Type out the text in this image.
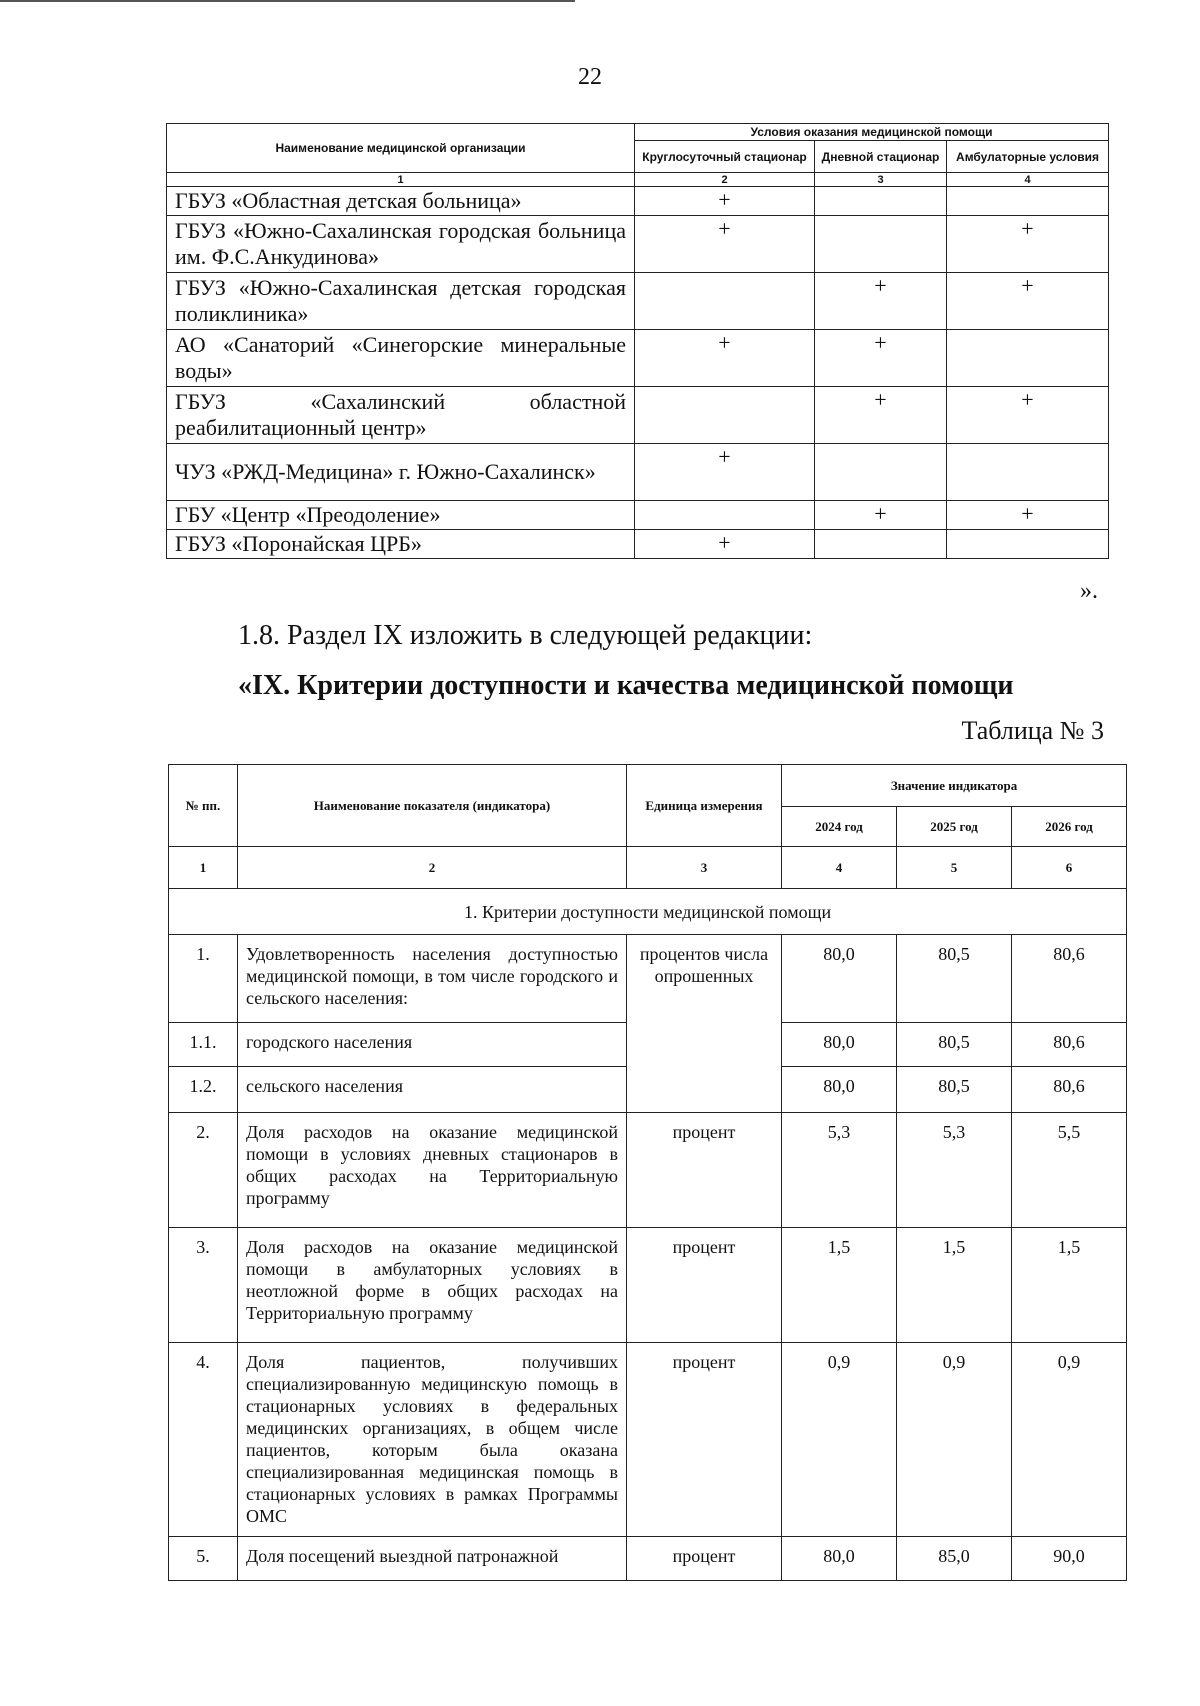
22
Наименование медицинской организации	Условия оказания медицинской помощи		
	Круглосуточный стационар	Дневной стационар	Амбулаторные условия
1	2	3	4
ГБУЗ «Областная детская больница»	+		
ГБУЗ «Южно-Сахалинская городская больница им. Ф.С.Анкудинова»	+		+
ГБУЗ «Южно-Сахалинская детская городская поликлиника»		+	+
АО «Санаторий «Синегорские минеральные воды»	+	+	
ГБУЗ «Сахалинский областной реабилитационный центр»		+	+
ЧУЗ «РЖД-Медицина» г. Южно-Сахалинск»	+		
ГБУ «Центр «Преодоление»		+	+
ГБУЗ «Поронайская ЦРБ»	+		
».
1.8. Раздел IX изложить в следующей редакции:
«IX. Критерии доступности и качества медицинской помощи
Таблица № 3
№ пп.	Наименование показателя (индикатора)	Единица измерения	Значение индикатора		
			2024 год	2025 год	2026 год
1	2	3	4	5	6
1. Критерии доступности медицинской помощи					
1.	Удовлетворенность населения доступностью медицинской помощи, в том числе городского и сельского населения:	процентов числа опрошенных	80,0	80,5	80,6
1.1.	городского населения		80,0	80,5	80,6
1.2.	сельского населения		80,0	80,5	80,6
2.	Доля расходов на оказание медицинской помощи в условиях дневных стационаров в общих расходах на Территориальную программу	процент	5,3	5,3	5,5
3.	Доля расходов на оказание медицинской помощи в амбулаторных условиях в неотложной форме в общих расходах на Территориальную программу	процент	1,5	1,5	1,5
4.	Доля пациентов, получивших специализированную медицинскую помощь в стационарных условиях в федеральных медицинских организациях, в общем числе пациентов, которым была оказана специализированная медицинская помощь в стационарных условиях в рамках Программы ОМС	процент	0,9	0,9	0,9
5.	Доля посещений выездной патронажной	процент	80,0	85,0	90,0
